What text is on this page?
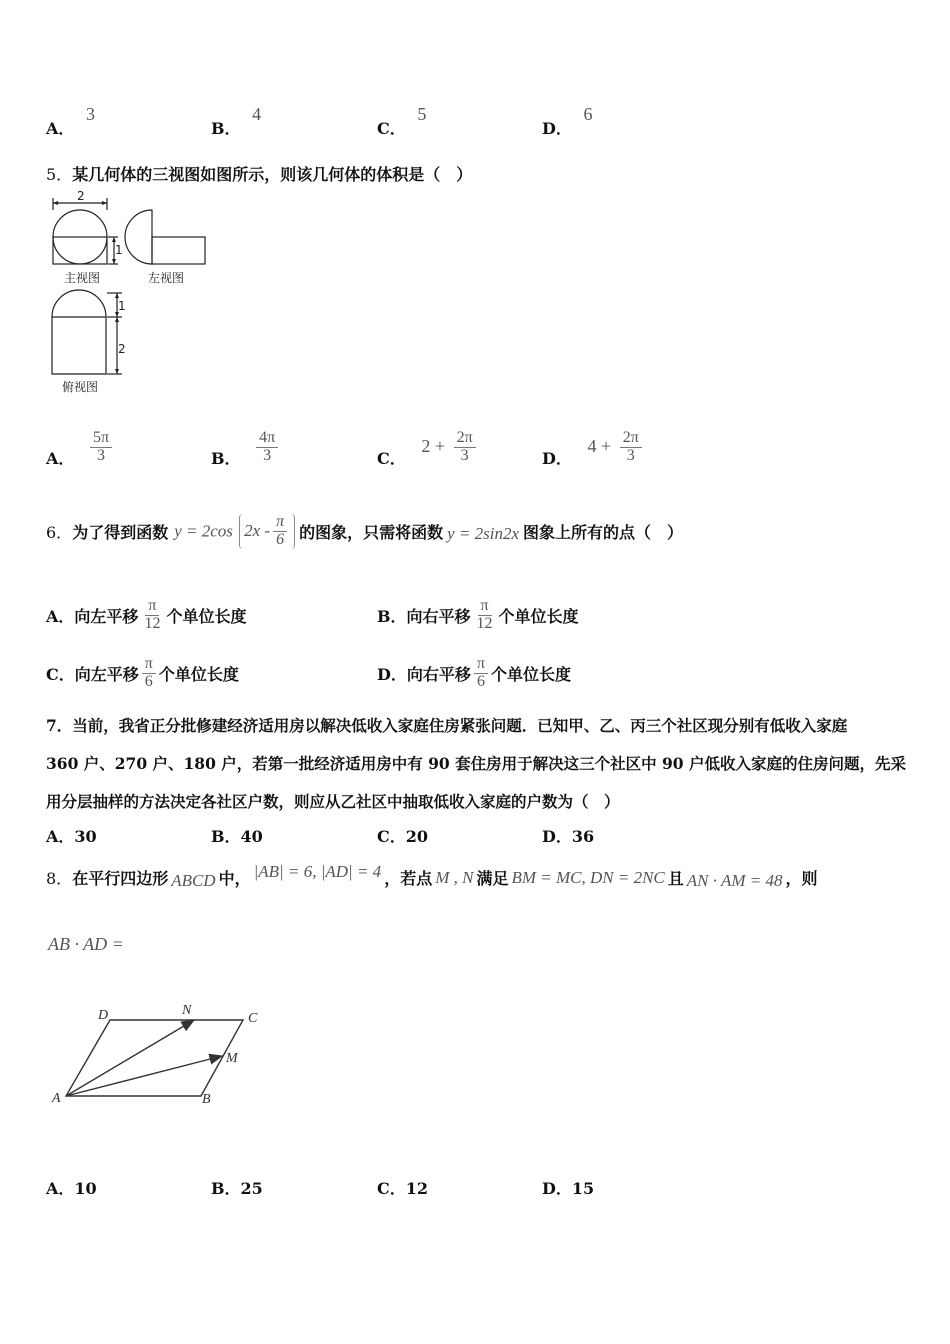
A． 3
B． 4
C． 5
D． 6
5．某几何体的三视图如图所示，则该几何体的体积是（　）
2
1
主视图	左视图
1
2
俯视图
A． $\frac{5\pi}{3}$	B． $\frac{4\pi}{3}$	C． $2 + \frac{2\pi}{3}$	D． $4 + \frac{2\pi}{3}$
6． 为了得到函数 y = 2cos $2x - \frac{\pi}{6}$ 的图象，只需将函数 y = 2sin2x 图象上所有的点（　）
A． 向左平移 $\frac{\pi}{12}$ 个单位长度	B． 向右平移 $\frac{\pi}{12}$ 个单位长度
C． 向左平移 $\frac{\pi}{6}$ 个单位长度	D． 向右平移 $\frac{\pi}{6}$ 个单位长度
7．当前，我省正分批修建经济适用房以解决低收入家庭住房紧张问题．已知甲、乙、丙三个社区现分别有低收入家庭
360 户、270 户、180 户，若第一批经济适用房中有 90 套住房用于解决这三个社区中 90 户低收入家庭的住房问题，先采
用分层抽样的方法决定各社区户数，则应从乙社区中抽取低收入家庭的户数为（　）
A．30	B．40	C．20	D．36
8． 在平行四边形 ABCD 中， |AB| = 6, |AD| = 4 ，若点 M , N 满足 BM = MC, DN = 2NC 且 AN · AM = 48 ，则
AB · AD =
A	B
C
D
M
N
A．10	B．25	C．12	D．15
